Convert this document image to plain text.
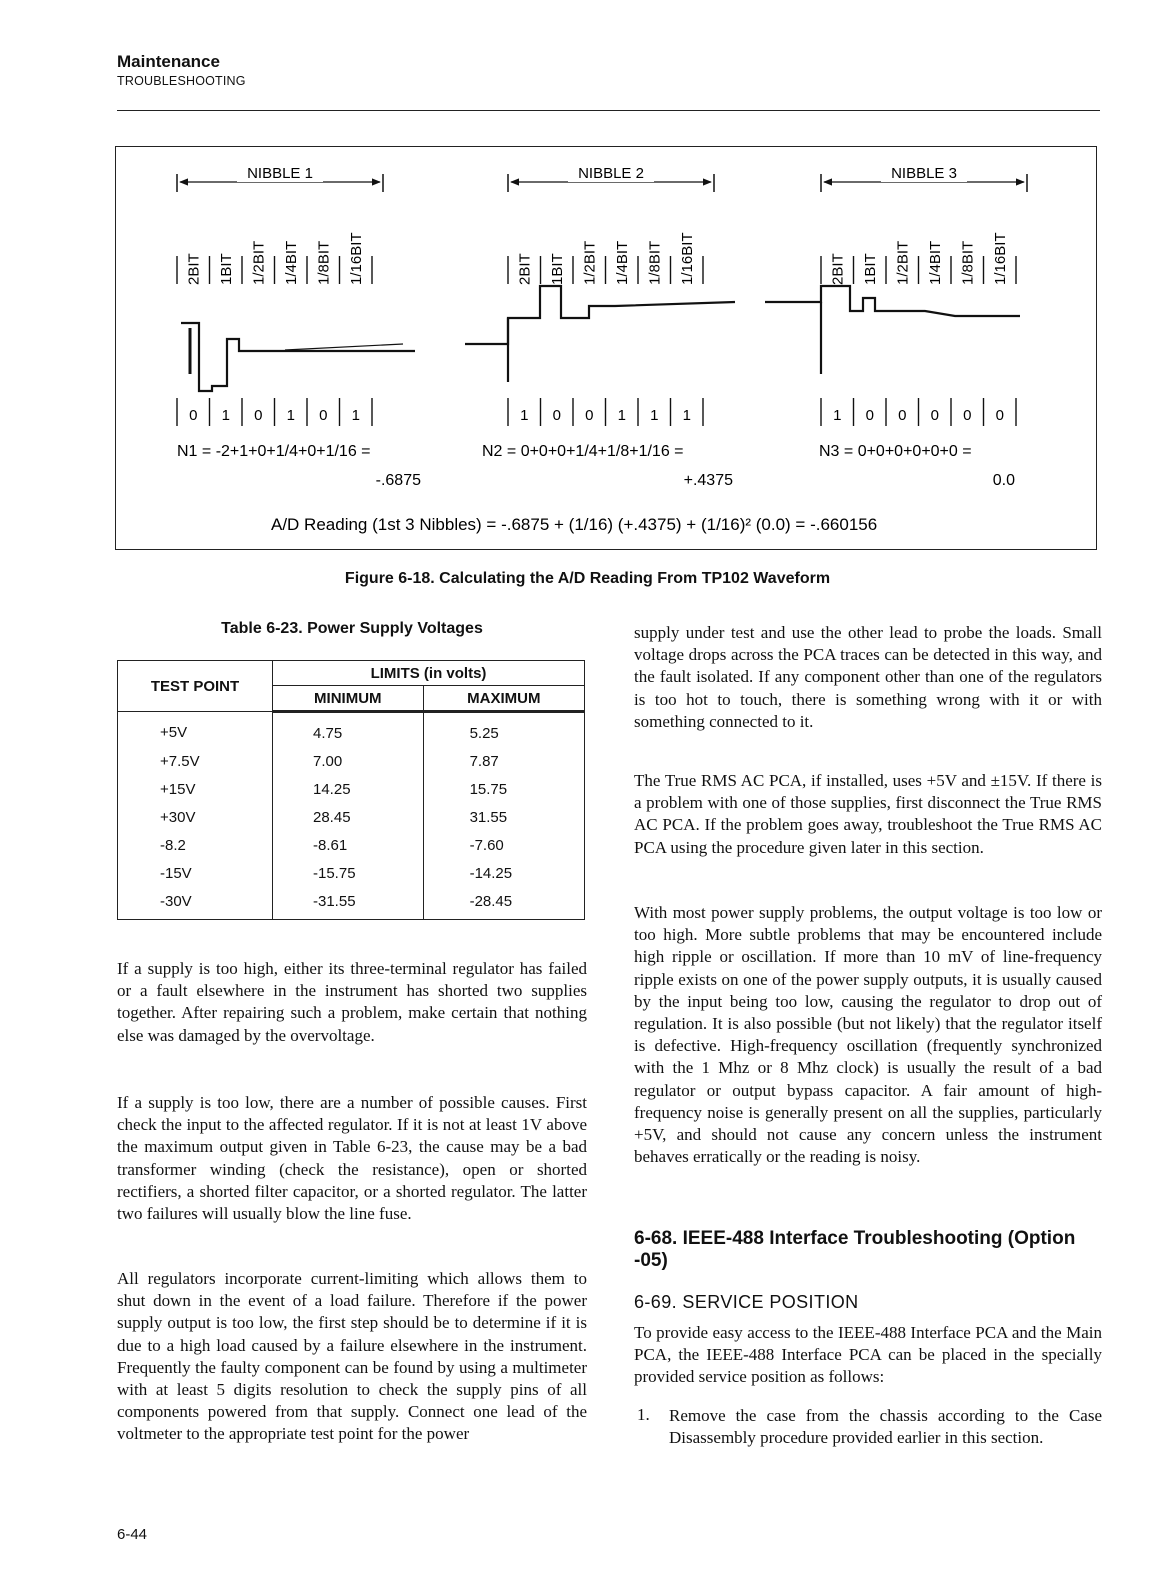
Maintenance
TROUBLESHOOTING
NIBBLE 1
2BIT 1BIT 1/2BIT 1/4BIT 1/8BIT 1/16BIT
0 1 0 1 0 1
NIBBLE 2
2BIT 1BIT 1/2BIT 1/4BIT 1/8BIT 1/16BIT
1 0 0 1 1 1
NIBBLE 3
2BIT 1BIT 1/2BIT 1/4BIT 1/8BIT 1/16BIT
1 0 0 0 0 0
N1 = -2+1+0+1/4+0+1/16 =
-.6875
N2 = 0+0+0+1/4+1/8+1/16 =
+.4375
N3 = 0+0+0+0+0+0 =
0.0
A/D Reading (1st 3 Nibbles) = -.6875 + (1/16) (+.4375) + (1/16)² (0.0) = -.660156
Figure 6-18. Calculating the A/D Reading From TP102 Waveform
Table 6-23. Power Supply Voltages
TEST POINT	LIMITS (in volts)	
	MINIMUM	MAXIMUM
+5V	4.75	5.25
+7.5V	7.00	7.87
+15V	14.25	15.75
+30V	28.45	31.55
-8.2	-8.61	-7.60
-15V	-15.75	-14.25
-30V	-31.55	-28.45

If a supply is too high, either its three-terminal regulator has failed or a fault elsewhere in the instrument has shorted two supplies together. After repairing such a problem, make certain that nothing else was damaged by the overvoltage.

If a supply is too low, there are a number of possible causes. First check the input to the affected regulator. If it is not at least 1V above the maximum output given in Table 6-23, the cause may be a bad transformer winding (check the resistance), open or shorted rectifiers, a shorted filter capacitor, or a shorted regulator. The latter two failures will usually blow the line fuse.

All regulators incorporate current-limiting which allows them to shut down in the event of a load failure. Therefore if the power supply output is too low, the first step should be to determine if it is due to a high load caused by a failure elsewhere in the instrument. Frequently the faulty component can be found by using a multimeter with at least 5 digits resolution to check the supply pins of all components powered from that supply. Connect one lead of the voltmeter to the appropriate test point for the power

supply under test and use the other lead to probe the loads. Small voltage drops across the PCA traces can be detected in this way, and the fault isolated. If any component other than one of the regulators is too hot to touch, there is something wrong with it or with something connected to it.

The True RMS AC PCA, if installed, uses +5V and ±15V. If there is a problem with one of those supplies, first disconnect the True RMS AC PCA. If the problem goes away, troubleshoot the True RMS AC PCA using the procedure given later in this section.

With most power supply problems, the output voltage is too low or too high. More subtle problems that may be encountered include high ripple or oscillation. If more than 10 mV of line-frequency ripple exists on one of the power supply outputs, it is usually caused by the input being too low, causing the regulator to drop out of regulation. It is also possible (but not likely) that the regulator itself is defective. High-frequency oscillation (frequently synchronized with the 1 Mhz or 8 Mhz clock) is usually the result of a bad regulator or output bypass capacitor. A fair amount of high-frequency noise is generally present on all the supplies, particularly +5V, and should not cause any concern unless the instrument behaves erratically or the reading is noisy.

6-68. IEEE-488 Interface Troubleshooting (Option -05)
6-69. SERVICE POSITION

To provide easy access to the IEEE-488 Interface PCA and the Main PCA, the IEEE-488 Interface PCA can be placed in the specially provided service position as follows:

1. Remove the case from the chassis according to the Case Disassembly procedure provided earlier in this section.

6-44
